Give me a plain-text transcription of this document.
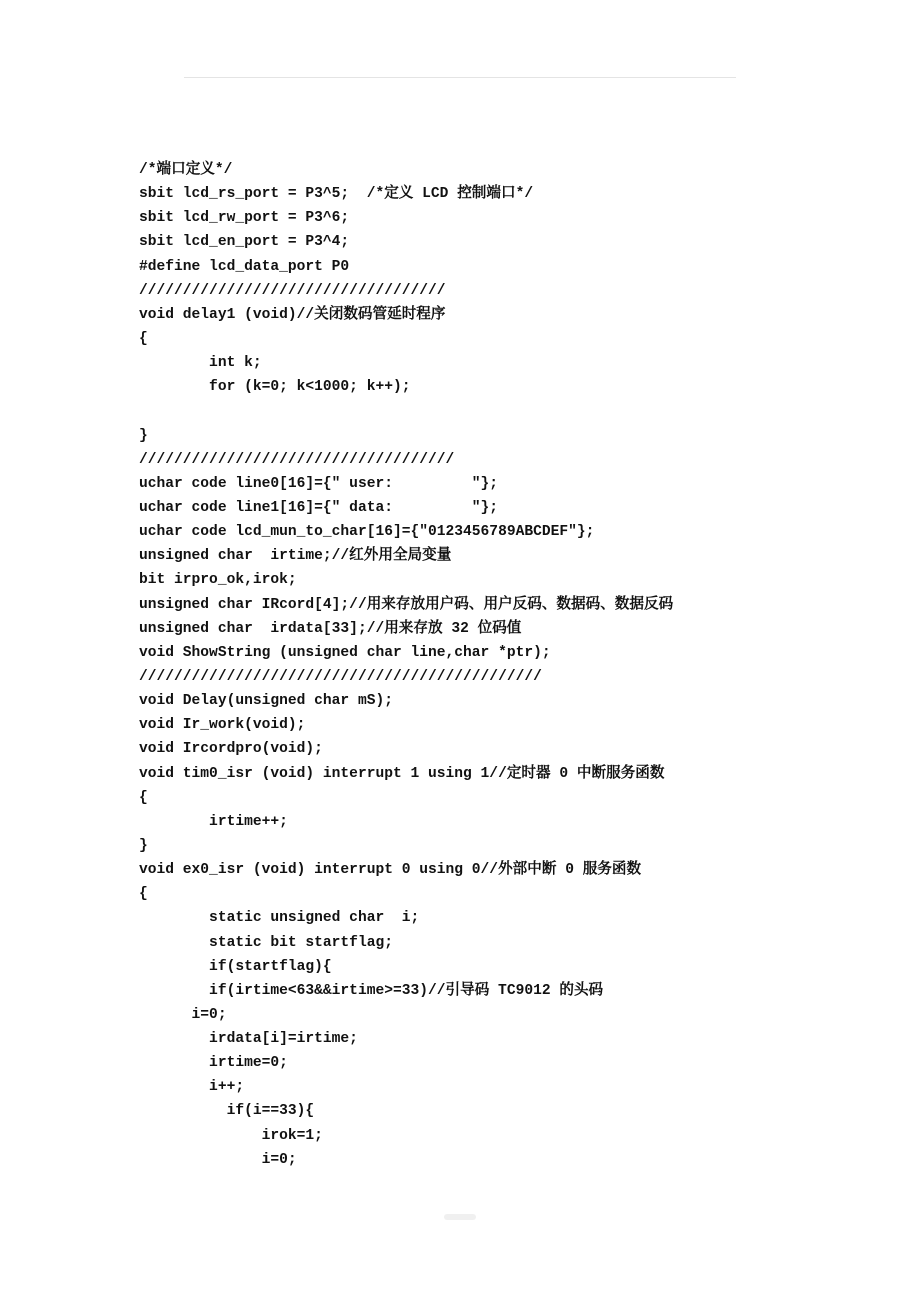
/*端口定义*/
sbit lcd_rs_port = P3^5;  /*定义 LCD 控制端口*/
sbit lcd_rw_port = P3^6;
sbit lcd_en_port = P3^4;
#define lcd_data_port P0
///////////////////////////////////
void delay1 (void)//关闭数码管延时程序
{
int k;
for (k=0; k<1000; k++);
}
////////////////////////////////////
uchar code line0[16]={" user:         "};
uchar code line1[16]={" data:         "};
uchar code lcd_mun_to_char[16]={"0123456789ABCDEF"};
unsigned char  irtime;//红外用全局变量
bit irpro_ok,irok;
unsigned char IRcord[4];//用来存放用户码、用户反码、数据码、数据反码
unsigned char  irdata[33];//用来存放 32 位码值
void ShowString (unsigned char line,char *ptr);
//////////////////////////////////////////////
void Delay(unsigned char mS);
void Ir_work(void);
void Ircordpro(void);
void tim0_isr (void) interrupt 1 using 1//定时器 0 中断服务函数
{
irtime++;
}
void ex0_isr (void) interrupt 0 using 0//外部中断 0 服务函数
{
static unsigned char  i;
static bit startflag;
if(startflag){
if(irtime<63&&irtime>=33)//引导码 TC9012 的头码
i=0;
irdata[i]=irtime;
irtime=0;
i++;
if(i==33){
irok=1;
i=0;
